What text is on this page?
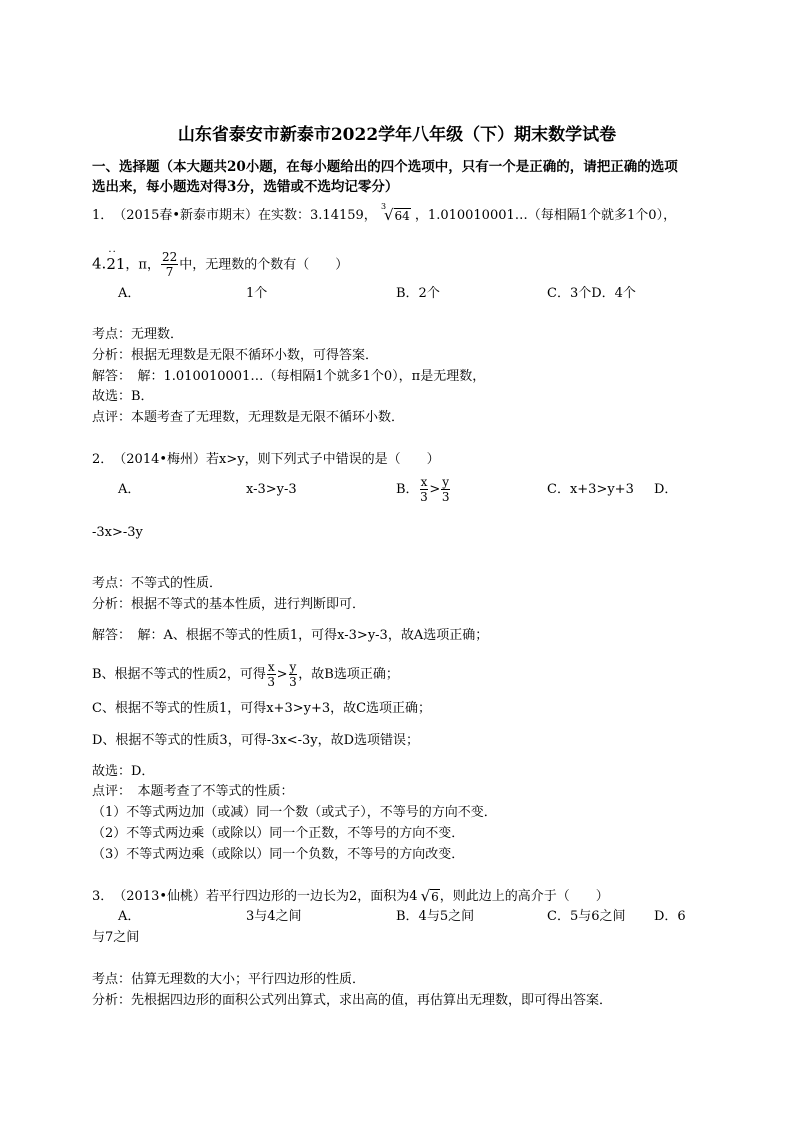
山东省泰安市新泰市2022学年八年级（下）期末数学试卷
一、选择题（本大题共20小题，在每小题给出的四个选项中，只有一个是正确的，请把正确的选项
选出来，每小题选对得3分，选错或不选均记零分）
1．　（2015春•新泰市期末）在实数：3.14159，
3
√64 ，1.010010001…（每相隔1个就多1个0），
4.· · 21，π， $\frac{22}{7}$ 中，无理数的个数有（　　）
A．	1个	B．2个	C．3个D．4个
考点：无理数．
分析：根据无理数是无限不循环小数，可得答案．
解答：　解：1.010010001…（每相隔1个就多1个0），π是无理数，
故选：B．
点评：本题考查了无理数，无理数是无限不循环小数．
2．　（2014•梅州）若x>y，则下列式子中错误的是（　　）
A．	x-3>y-3	B． $\frac{x}{3} > \frac{y}{3}$	C．x+3>y+3 D．
-3x>-3y
考点：不等式的性质．
分析：根据不等式的基本性质，进行判断即可．
解答：　解：A、根据不等式的性质1，可得x-3>y-3，故A选项正确；
B、根据不等式的性质2，可得 $\frac{x}{3} > \frac{y}{3}$ ，故B选项正确；
C、根据不等式的性质1，可得x+3>y+3，故C选项正确；
D、根据不等式的性质3，可得-3x<-3y，故D选项错误；
故选：D．
点评：　本题考查了不等式的性质：
（1）不等式两边加（或减）同一个数（或式子），不等号的方向不变．
（2）不等式两边乘（或除以）同一个正数，不等号的方向不变．
（3）不等式两边乘（或除以）同一个负数，不等号的方向改变．
3．　（2013•仙桃）若平行四边形的一边长为2，面积为4 √6，则此边上的高介于（　　）
A．	3与4之间	B．4与5之间	C．5与6之间 D．6
与7之间
考点：估算无理数的大小；平行四边形的性质．
分析：先根据四边形的面积公式列出算式，求出高的值，再估算出无理数，即可得出答案．
